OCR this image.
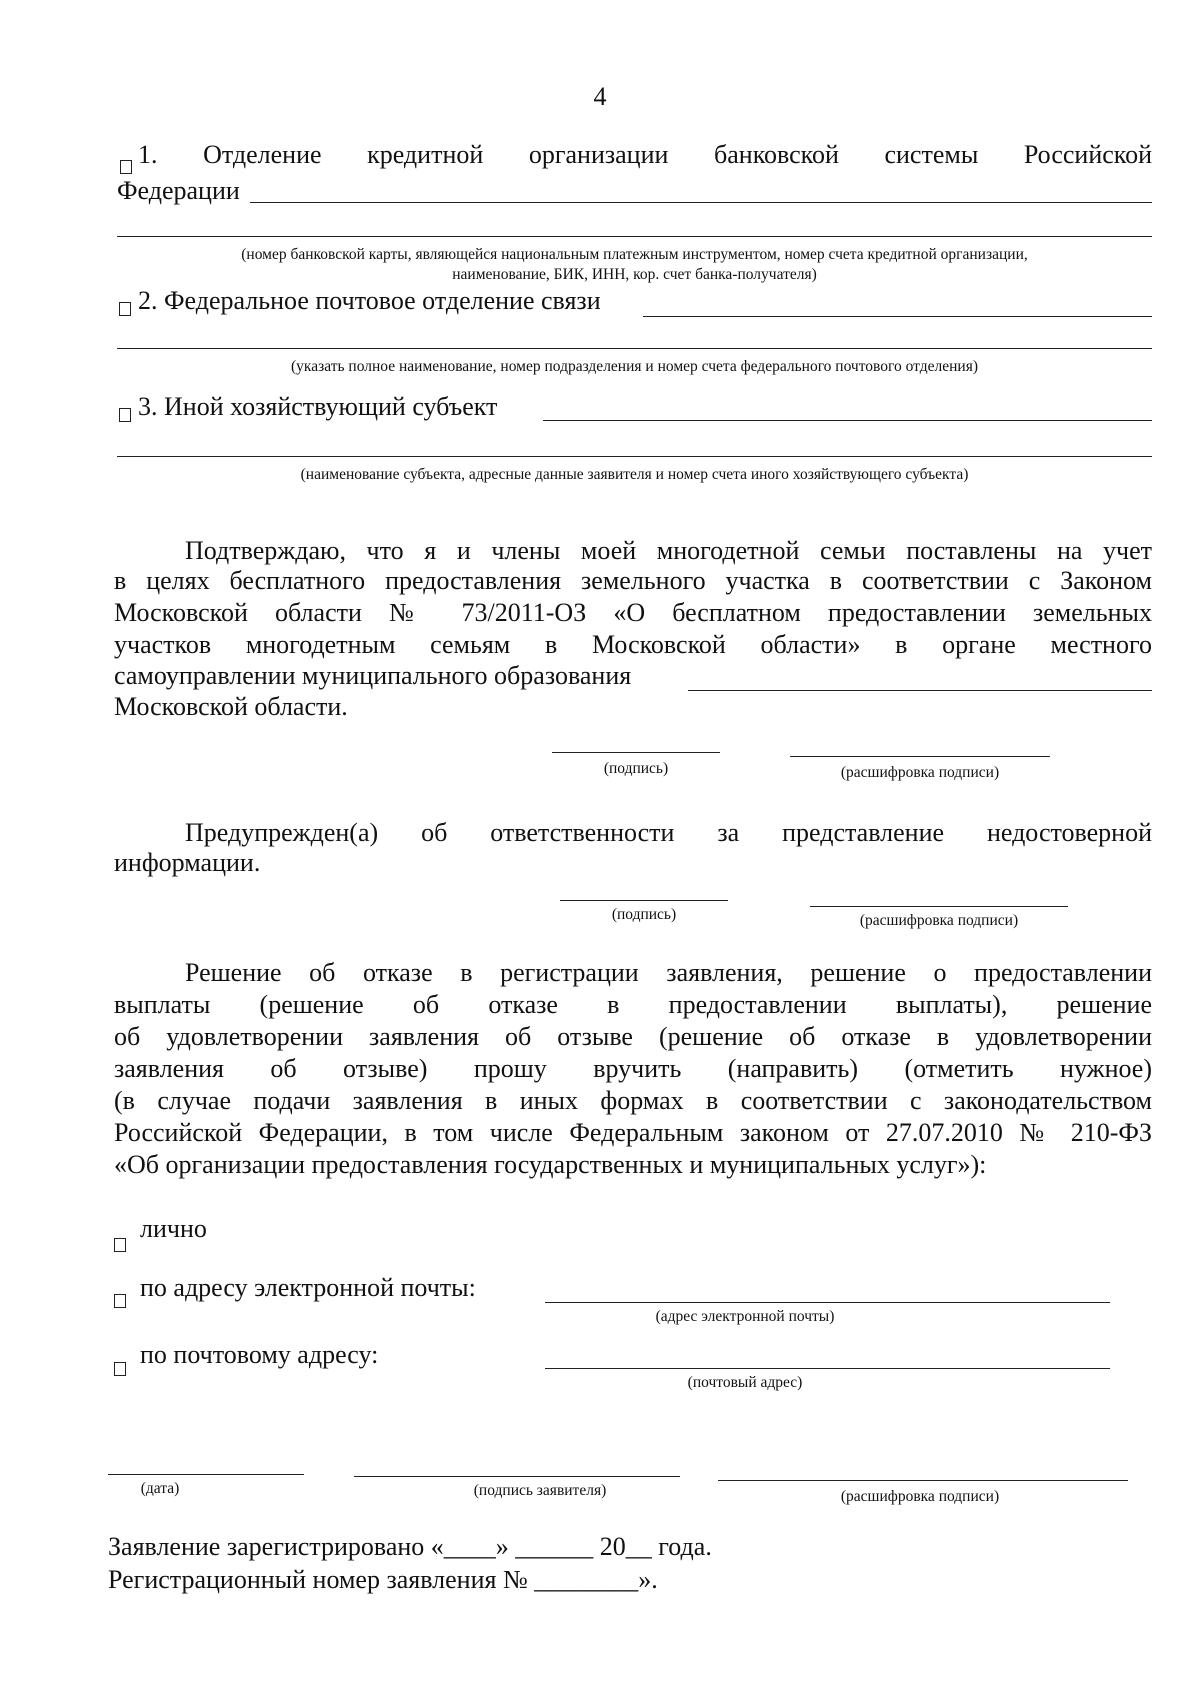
4
1. Отделение кредитной организации банковской системы Российской
Федерации
(номер банковской карты, являющейся национальным платежным инструментом, номер счета кредитной организации,
наименование, БИК, ИНН, кор. счет банка-получателя)
2. Федеральное почтовое отделение связи
(указать полное наименование, номер подразделения и номер счета федерального почтового отделения)
3. Иной хозяйствующий субъект
(наименование субъекта, адресные данные заявителя и номер счета иного хозяйствующего субъекта)
Подтверждаю, что я и члены моей многодетной семьи поставлены на учет
в целях бесплатного предоставления земельного участка в соответствии с Законом
Московской области № 73/2011-ОЗ «О бесплатном предоставлении земельных
участков многодетным семьям в Московской области» в органе местного
самоуправлении муниципального образования
Московской области.
(подпись)	(расшифровка подписи)
Предупрежден(а) об ответственности за представление недостоверной
информации.
(подпись)	(расшифровка подписи)
Решение об отказе в регистрации заявления, решение о предоставлении
выплаты (решение об отказе в предоставлении выплаты), решение
об удовлетворении заявления об отзыве (решение об отказе в удовлетворении
заявления об отзыве) прошу вручить (направить) (отметить нужное)
(в случае подачи заявления в иных формах в соответствии с законодательством
Российской Федерации, в том числе Федеральным законом от 27.07.2010 № 210-ФЗ
«Об организации предоставления государственных и муниципальных услуг»):
лично
по адресу электронной почты:
(адрес электронной почты)
по почтовому адресу:
(почтовый адрес)
(дата)	(подпись заявителя)	(расшифровка подписи)
Заявление зарегистрировано «____» ______ 20__ года.
Регистрационный номер заявления № ________».
